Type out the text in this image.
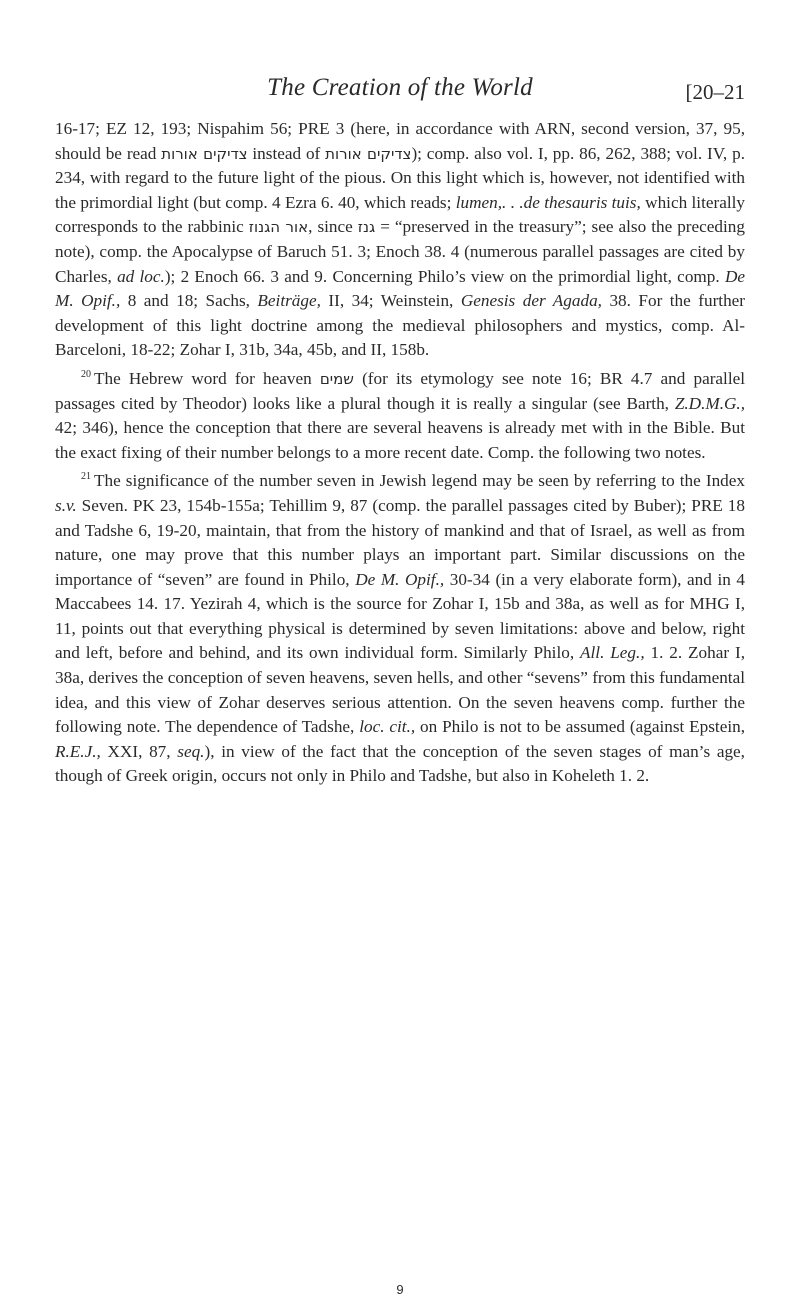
The Creation of the World	[20–21

16-17; EZ 12, 193; Nispahim 56; PRE 3 (here, in accordance with ARN, second version, 37, 95, should be read צדיקים אורות instead of צדיקים אורות); comp. also vol. I, pp. 86, 262, 388; vol. IV, p. 234, with regard to the future light of the pious. On this light which is, however, not identified with the primordial light (but comp. 4 Ezra 6. 40, which reads; lumen,. . .de thesauris tuis, which literally corresponds to the rabbinic אור הגנוז, since גנז = “preserved in the treasury”; see also the preceding note), comp. the Apocalypse of Baruch 51. 3; Enoch 38. 4 (numerous parallel passages are cited by Charles, ad loc.); 2 Enoch 66. 3 and 9. Concerning Philo’s view on the primordial light, comp. De M. Opif., 8 and 18; Sachs, Beiträge, II, 34; Weinstein, Genesis der Agada, 38. For the further development of this light doctrine among the medieval philosophers and mystics, comp. Al-Barceloni, 18-22; Zohar I, 31b, 34a, 45b, and II, 158b.

$^{20}$ The Hebrew word for heaven שמים (for its etymology see note 16; BR 4.7 and parallel passages cited by Theodor) looks like a plural though it is really a singular (see Barth, Z.D.M.G., 42; 346), hence the conception that there are several heavens is already met with in the Bible. But the exact fixing of their number belongs to a more recent date. Comp. the following two notes.

$^{21}$ The significance of the number seven in Jewish legend may be seen by referring to the Index s.v. Seven. PK 23, 154b-155a; Tehillim 9, 87 (comp. the parallel passages cited by Buber); PRE 18 and Tadshe 6, 19-20, maintain, that from the history of mankind and that of Israel, as well as from nature, one may prove that this number plays an important part. Similar discussions on the importance of “seven” are found in Philo, De M. Opif., 30-34 (in a very elaborate form), and in 4 Maccabees 14. 17. Yezirah 4, which is the source for Zohar I, 15b and 38a, as well as for MHG I, 11, points out that everything physical is determined by seven limitations: above and below, right and left, before and behind, and its own individual form. Similarly Philo, All. Leg., 1. 2. Zohar I, 38a, derives the conception of seven heavens, seven hells, and other “sevens” from this fundamental idea, and this view of Zohar deserves serious attention. On the seven heavens comp. further the following note. The dependence of Tadshe, loc. cit., on Philo is not to be assumed (against Epstein, R.E.J., XXI, 87, seq.), in view of the fact that the conception of the seven stages of man’s age, though of Greek origin, occurs not only in Philo and Tadshe, but also in Koheleth 1. 2.

9
